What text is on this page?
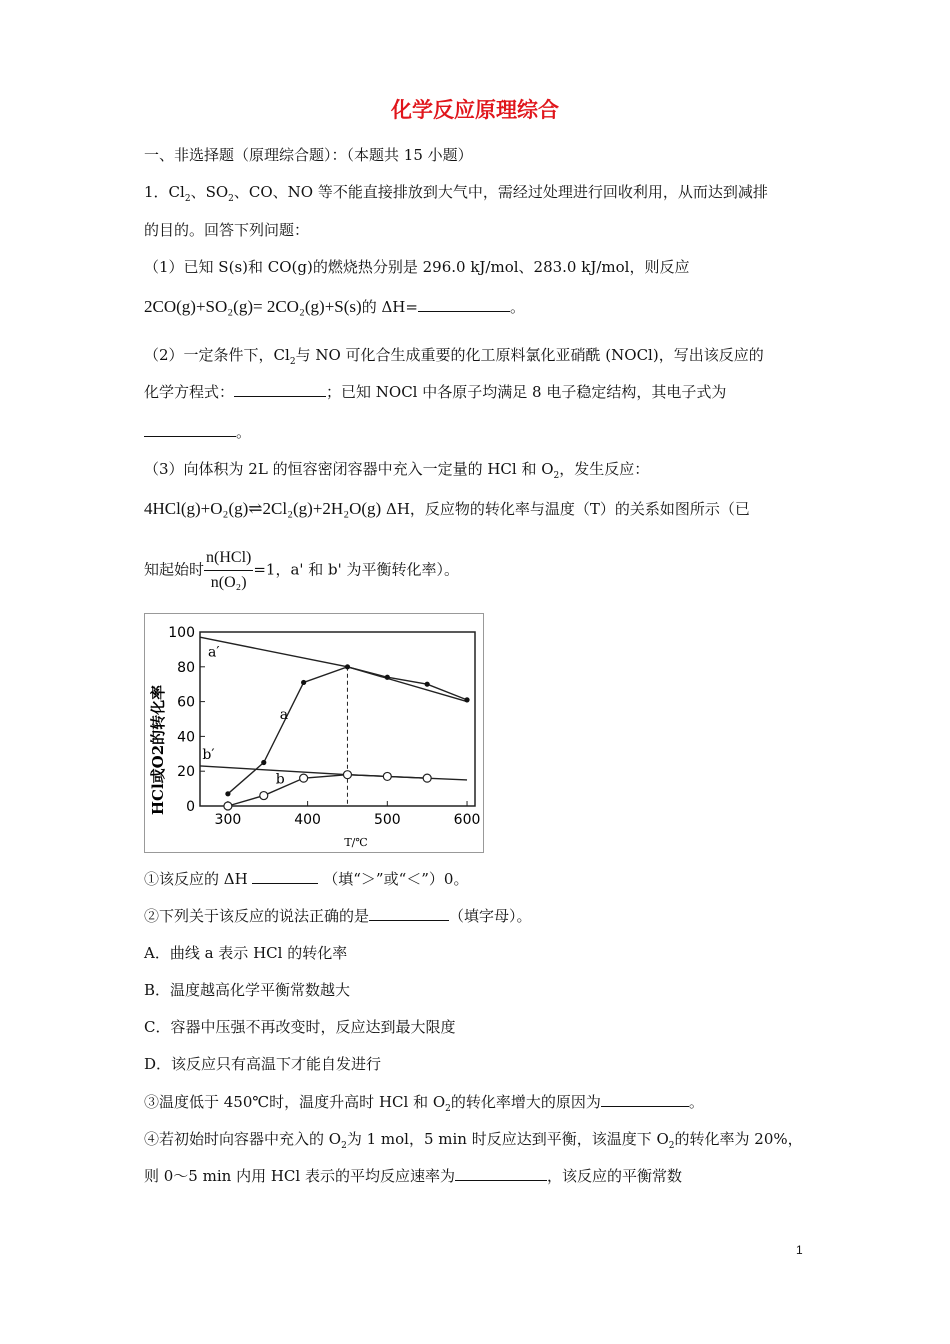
化学反应原理综合
一、非选择题（原理综合题）：（本题共 15 小题）
1．$Cl_2$、$SO_2$、CO、NO 等不能直接排放到大气中，需经过处理进行回收利用，从而达到减排
的目的。回答下列问题：
（1）已知 S(s)和 CO(g)的燃烧热分别是 296.0 kJ/mol、283.0 kJ/mol，则反应
2CO(g)+SO₂(g)= 2CO₂(g)+S(s)的 ΔH=	。
（2）一定条件下，$Cl_2$与 NO 可化合生成重要的化工原料氯化亚硝酰 (NOCl)，写出该反应的
化学方程式：	；已知 NOCl 中各原子均满足 8 电子稳定结构，其电子式为
。
（3）向体积为 2L 的恒容密闭容器中充入一定量的 HCl 和 $O_2$，发生反应：
4HCl(g)+O₂(g)⇌2Cl₂(g)+2H₂O(g) ΔH，反应物的转化率与温度（T）的关系如图所示（已
知起始时 $\frac{\text{n(HCl)}}{\text{n(O₂)}} =1$，a' 和 b' 为平衡转化率）。
HCl或O2的转化率
T/℃
0
20
40
60
80
100
300	400	500	600
a′
a
b′
b
①该反应的 ΔH	（填“＞”或“＜”）0。
②下列关于该反应的说法正确的是	（填字母）。
A．曲线 a 表示 HCl 的转化率
B．温度越高化学平衡常数越大
C．容器中压强不再改变时，反应达到最大限度
D．该反应只有高温下才能自发进行
③温度低于 450℃时，温度升高时 HCl 和 $O_2$的转化率增大的原因为	。
④若初始时向容器中充入的 $O_2$为 1 mol，5 min 时反应达到平衡，该温度下 $O_2$的转化率为 20%，
则 0～5 min 内用 HCl 表示的平均反应速率为	，该反应的平衡常数
1
